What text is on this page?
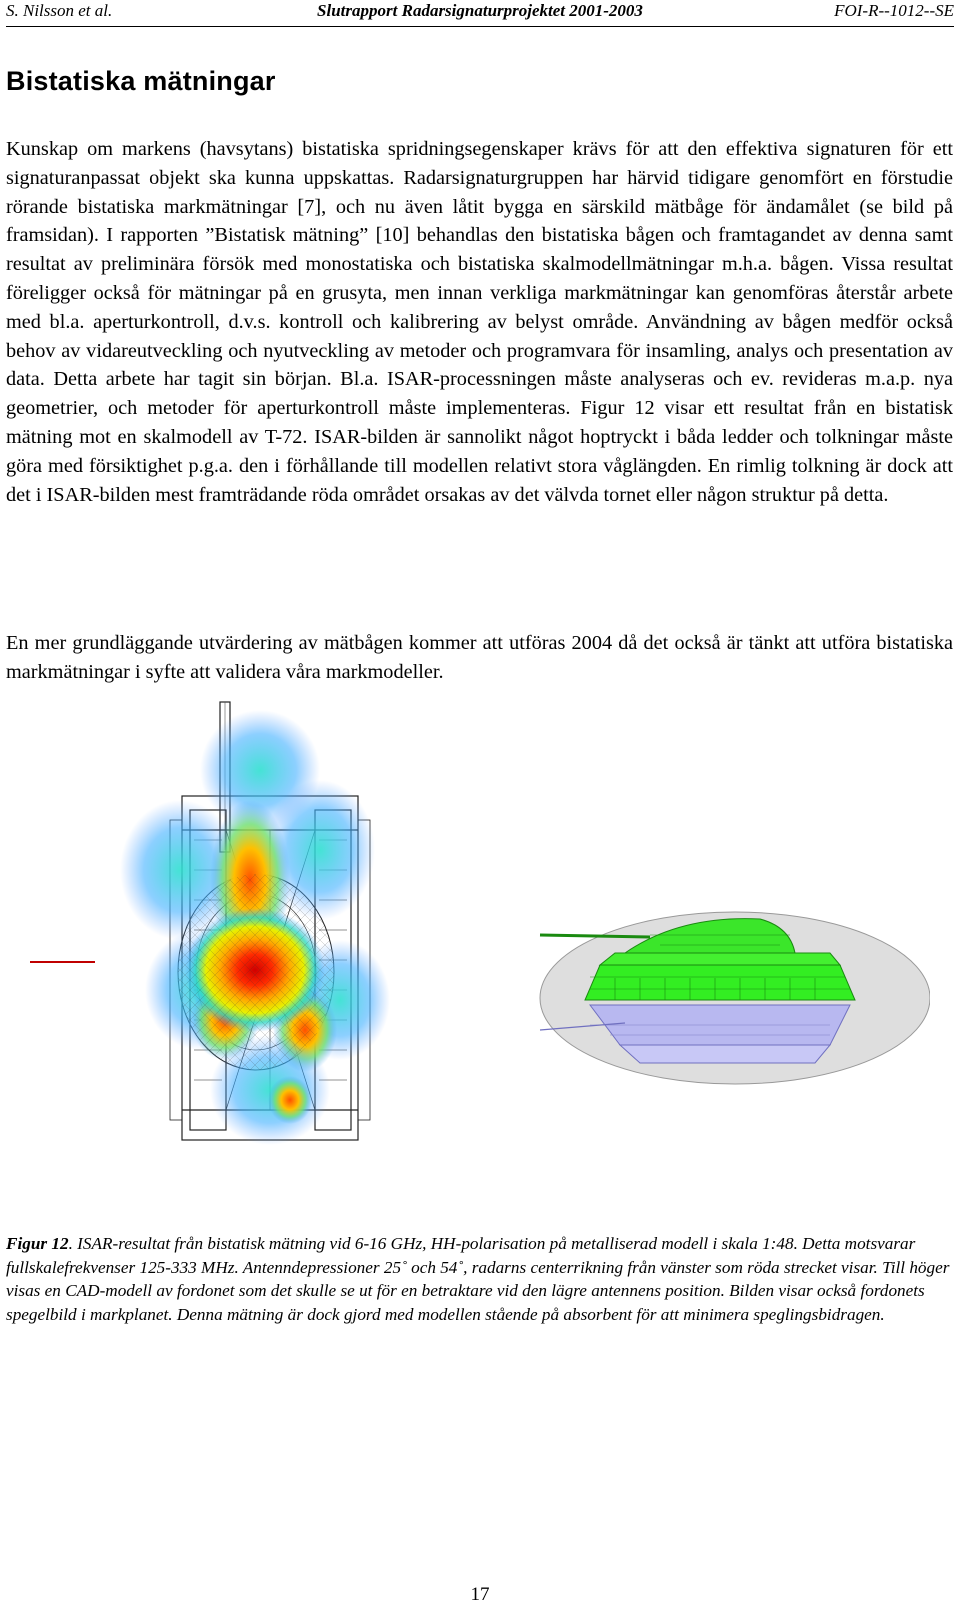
S. Nilsson et al.	Slutrapport Radarsignaturprojektet 2001-2003	FOI-R--1012--SE
Bistatiska mätningar

Kunskap om markens (havsytans) bistatiska spridningsegenskaper krävs för att den effektiva signaturen för ett signaturanpassat objekt ska kunna uppskattas. Radarsignaturgruppen har härvid tidigare genomfört en förstudie rörande bistatiska markmätningar [7], och nu även låtit bygga en särskild mätbåge för ändamålet (se bild på framsidan). I rapporten ”Bistatisk mätning” [10] behandlas den bistatiska bågen och framtagandet av denna samt resultat av preliminära försök med monostatiska och bistatiska skalmodellmätningar m.h.a. bågen. Vissa resultat föreligger också för mätningar på en grusyta, men innan verkliga markmätningar kan genomföras återstår arbete med bl.a. aperturkontroll, d.v.s. kontroll och kalibrering av belyst område. Användning av bågen medför också behov av vidareutveckling och nyutveckling av metoder och programvara för insamling, analys och presentation av data. Detta arbete har tagit sin början. Bl.a. ISAR-processningen måste analyseras och ev. revideras m.a.p. nya geometrier, och metoder för aperturkontroll måste implementeras. Figur 12 visar ett resultat från en bistatisk mätning mot en skalmodell av T-72. ISAR-bilden är sannolikt något hoptryckt i båda ledder och tolkningar måste göra med försiktighet p.g.a. den i förhållande till modellen relativt stora våglängden. En rimlig tolkning är dock att det i ISAR-bilden mest framträdande röda området orsakas av det välvda tornet eller någon struktur på detta.

En mer grundläggande utvärdering av mätbågen kommer att utföras 2004 då det också är tänkt att utföra bistatiska markmätningar i syfte att validera våra markmodeller.

Figur 12. ISAR-resultat från bistatisk mätning vid 6-16 GHz, HH-polarisation på metalliserad modell i skala 1:48. Detta motsvarar fullskalefrekvenser 125-333 MHz. Antenndepressioner 25˚ och 54˚, radarns centerrikning från vänster som röda strecket visar. Till höger visas en CAD-modell av fordonet som det skulle se ut för en betraktare vid den lägre antennens position. Bilden visar också fordonets spegelbild i markplanet. Denna mätning är dock gjord med modellen stående på absorbent för att minimera speglingsbidragen.

17
